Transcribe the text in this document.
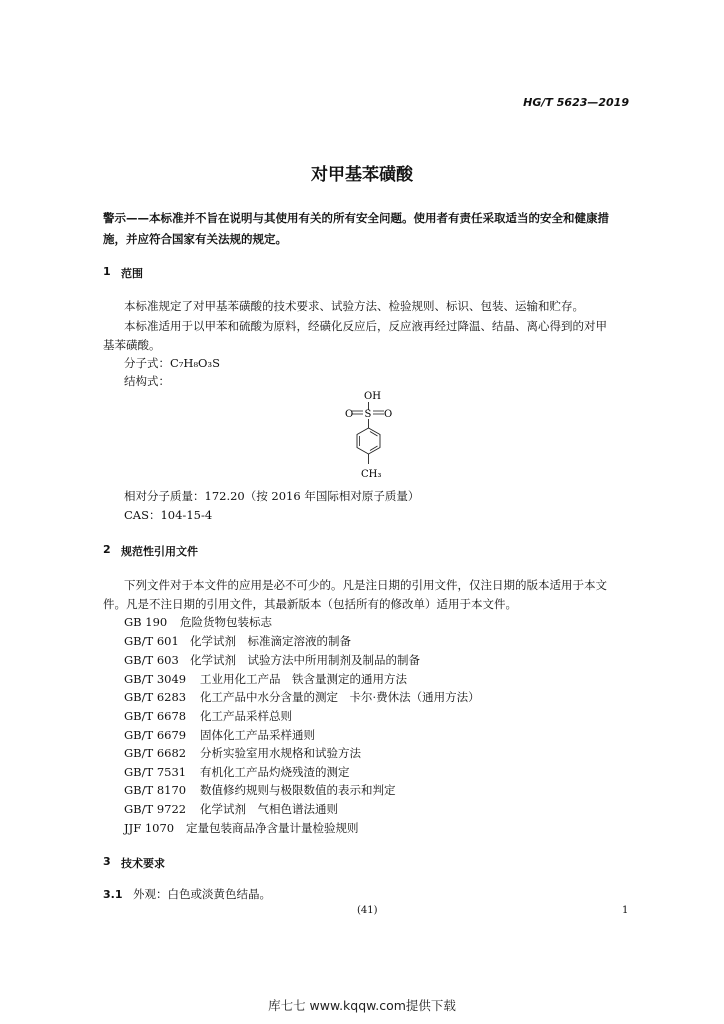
HG/T 5623—2019
对甲基苯磺酸
警示——本标准并不旨在说明与其使用有关的所有安全问题。使用者有责任采取适当的安全和健康措施，并应符合国家有关法规的规定。
1 范围
本标准规定了对甲基苯磺酸的技术要求、试验方法、检验规则、标识、包装、运输和贮存。
本标准适用于以甲苯和硫酸为原料，经磺化反应后，反应液再经过降温、结晶、离心得到的对甲
基苯磺酸。
分子式：C₇H₈O₃S
结构式：
OH
O S O
CH₃
相对分子质量：172.20（按 2016 年国际相对原子质量）
CAS：104-15-4
2 规范性引用文件
下列文件对于本文件的应用是必不可少的。凡是注日期的引用文件，仅注日期的版本适用于本文
件。凡是不注日期的引用文件，其最新版本（包括所有的修改单）适用于本文件。
GB 190 危险货物包装标志
GB/T 601 化学试剂　标准滴定溶液的制备
GB/T 603 化学试剂　试验方法中所用制剂及制品的制备
GB/T 3049 工业用化工产品　铁含量测定的通用方法
GB/T 6283 化工产品中水分含量的测定　卡尔·费休法（通用方法）
GB/T 6678 化工产品采样总则
GB/T 6679 固体化工产品采样通则
GB/T 6682 分析实验室用水规格和试验方法
GB/T 7531 有机化工产品灼烧残渣的测定
GB/T 8170 数值修约规则与极限数值的表示和判定
GB/T 9722 化学试剂　气相色谱法通则
JJF 1070 定量包装商品净含量计量检验规则
3 技术要求
3.1 外观：白色或淡黄色结晶。
(41)	1
库七七 www.kqqw.com提供下载
